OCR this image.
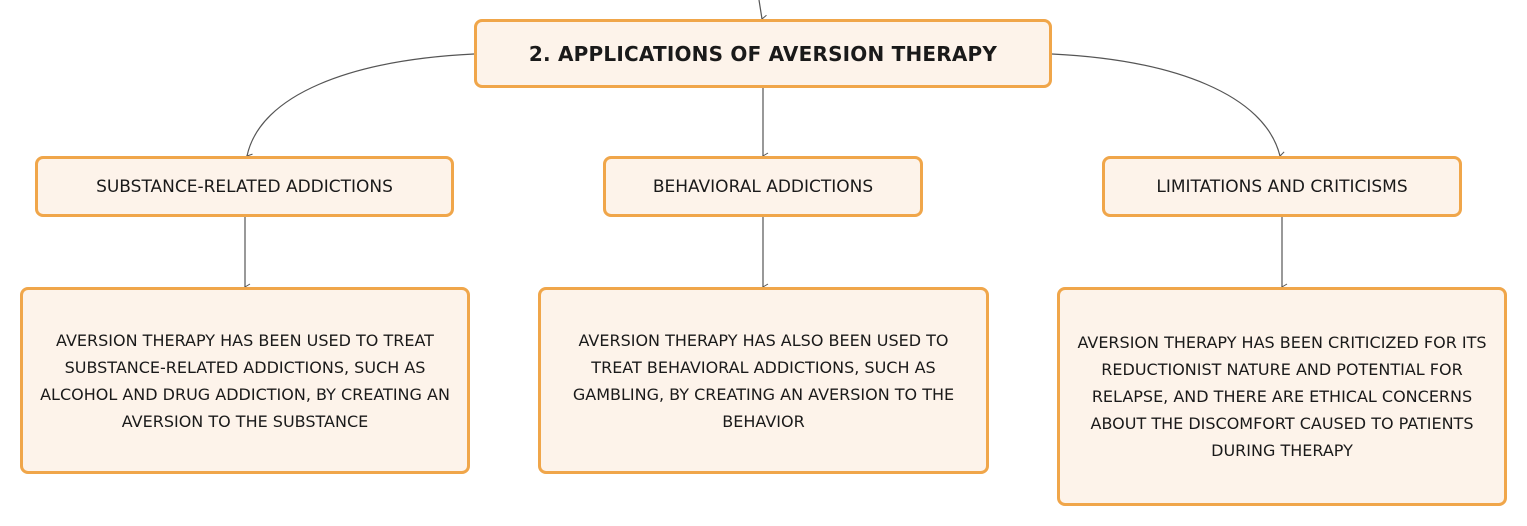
2. APPLICATIONS OF AVERSION THERAPY
SUBSTANCE-RELATED ADDICTIONS	BEHAVIORAL ADDICTIONS	LIMITATIONS AND CRITICISMS
AVERSION THERAPY HAS BEEN USED TO TREAT SUBSTANCE-RELATED ADDICTIONS, SUCH AS ALCOHOL AND DRUG ADDICTION, BY CREATING AN AVERSION TO THE SUBSTANCE
AVERSION THERAPY HAS ALSO BEEN USED TO TREAT BEHAVIORAL ADDICTIONS, SUCH AS GAMBLING, BY CREATING AN AVERSION TO THE BEHAVIOR
AVERSION THERAPY HAS BEEN CRITICIZED FOR ITS REDUCTIONIST NATURE AND POTENTIAL FOR RELAPSE, AND THERE ARE ETHICAL CONCERNS ABOUT THE DISCOMFORT CAUSED TO PATIENTS DURING THERAPY
